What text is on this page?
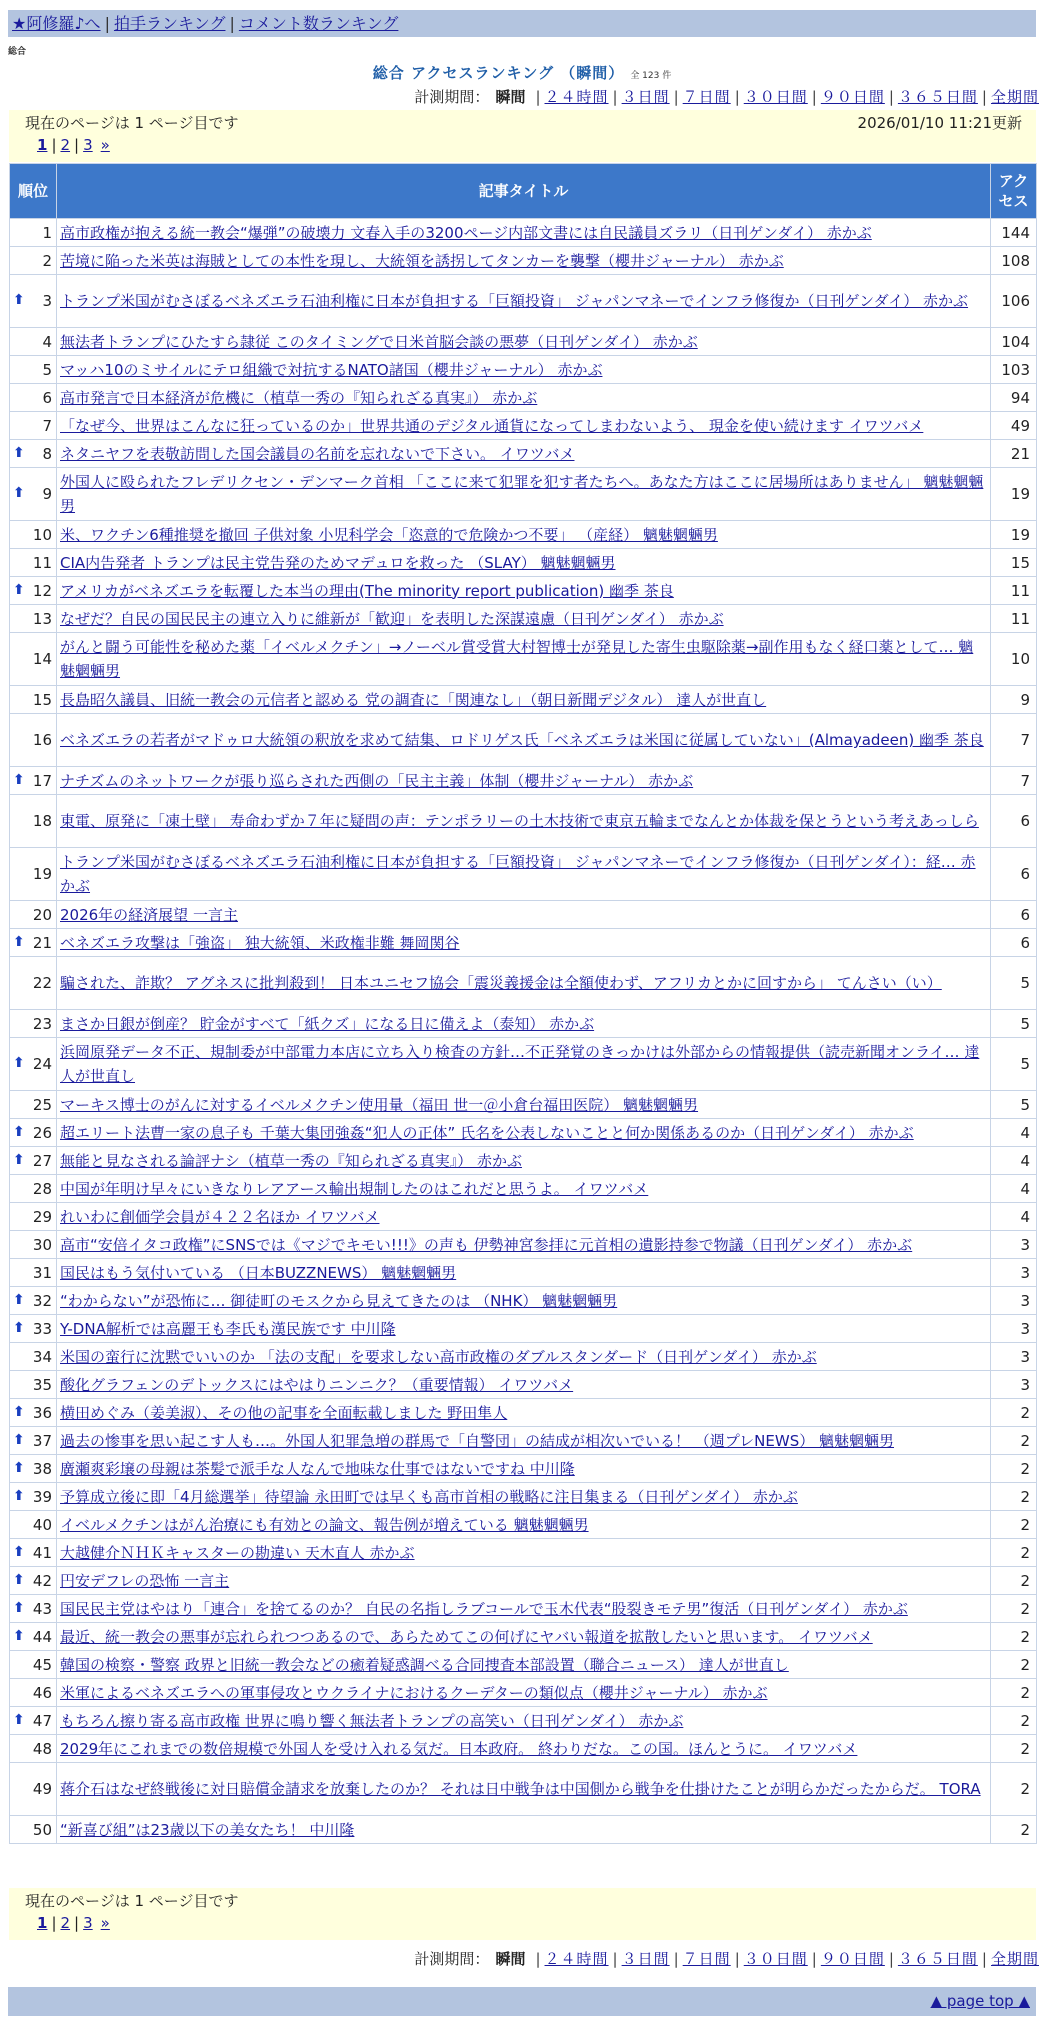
★阿修羅♪へ | 拍手ランキング | コメント数ランキング
総合
総合 アクセスランキング （瞬間） 全 123 件
計測期間： 瞬間 | ２４時間 | ３日間 | ７日間 | ３０日間 | ９０日間 | ３６５日間 | 全期間
現在のページは 1 ページ目です	2026/01/10 11:21更新
1 | 2 | 3 »
順位	記事タイトル	アクセス
1	高市政権が抱える統一教会“爆弾”の破壊力 文春入手の3200ページ内部文書には自民議員ズラリ（日刊ゲンダイ） 赤かぶ	144
2	苦境に陥った米英は海賊としての本性を現し、大統領を誘拐してタンカーを襲撃（櫻井ジャーナル） 赤かぶ	108

⬆ 3	トランプ米国がむさぼるベネズエラ石油利権に日本が負担する「巨額投資」 ジャパンマネーでインフラ修復か（日刊ゲンダイ） 赤かぶ	106
4	無法者トランプにひたすら隷従 このタイミングで日米首脳会談の悪夢（日刊ゲンダイ） 赤かぶ	104
5	マッハ10のミサイルにテロ組織で対抗するNATO諸国（櫻井ジャーナル） 赤かぶ	103
6	高市発言で日本経済が危機に（植草一秀の『知られざる真実』） 赤かぶ	94
7	「なぜ今、世界はこんなに狂っているのか」世界共通のデジタル通貨になってしまわないよう、 現金を使い続けます イワツバメ	49

⬆ 8	ネタニヤフを表敬訪問した国会議員の名前を忘れないで下さい。 イワツバメ	21

⬆ 9	外国人に殴られたフレデリクセン・デンマーク首相 「ここに来て犯罪を犯す者たちへ。あなた方はここに居場所はありません」 魑魅魍魎男	19
10	米、ワクチン6種推奨を撤回 子供対象 小児科学会「恣意的で危険かつ不要」 （産経） 魑魅魍魎男	19
11	CIA内告発者 トランプは民主党告発のためマデュロを救った （SLAY） 魑魅魍魎男	15

⬆ 12	アメリカがベネズエラを転覆した本当の理由(The minority report publication) 幽季 茶良	11
13	なぜだ？自民の国民民主の連立入りに維新が「歓迎」を表明した深謀遠慮（日刊ゲンダイ） 赤かぶ	11
14	がんと闘う可能性を秘めた薬「イベルメクチン」→ノーベル賞受賞大村智博士が発見した寄生虫駆除薬→副作用もなく経口薬として… 魑魅魍魎男	10
15	長島昭久議員、旧統一教会の元信者と認める 党の調査に「関連なし」（朝日新聞デジタル） 達人が世直し	9
16	ベネズエラの若者がマドゥロ大統領の釈放を求めて結集、ロドリゲス氏「ベネズエラは米国に従属していない」(Almayadeen) 幽季 茶良	7

⬆ 17	ナチズムのネットワークが張り巡らされた西側の「民主主義」体制（櫻井ジャーナル） 赤かぶ	7
18	東電、原発に「凍土壁」 寿命わずか７年に疑問の声：テンポラリーの土木技術で東京五輪までなんとか体裁を保とうという考えあっしら	6
19	トランプ米国がむさぼるベネズエラ石油利権に日本が負担する「巨額投資」 ジャパンマネーでインフラ修復か（日刊ゲンダイ）：経… 赤かぶ	6
20	2026年の経済展望 一言主	6

⬆ 21	ベネズエラ攻撃は「強盗」 独大統領、米政権非難 舞岡関谷	6
22	騙された、詐欺？ アグネスに批判殺到！ 日本ユニセフ協会「震災義援金は全額使わず、アフリカとかに回すから」 てんさい（い）	5
23	まさか日銀が倒産？ 貯金がすべて「紙クズ」になる日に備えよ（泰知） 赤かぶ	5

⬆ 24	浜岡原発データ不正、規制委が中部電力本店に立ち入り検査の方針…不正発覚のきっかけは外部からの情報提供（読売新聞オンライ… 達人が世直し	5
25	マーキス博士のがんに対するイベルメクチン使用量（福田 世一＠小倉台福田医院） 魑魅魍魎男	5

⬆ 26	超エリート法曹一家の息子も 千葉大集団強姦“犯人の正体” 氏名を公表しないことと何か関係あるのか（日刊ゲンダイ） 赤かぶ	4

⬆ 27	無能と見なされる論評ナシ（植草一秀の『知られざる真実』） 赤かぶ	4
28	中国が年明け早々にいきなりレアアース輸出規制したのはこれだと思うよ。 イワツバメ	4
29	れいわに創価学会員が４２２名ほか イワツバメ	4
30	高市“安倍イタコ政権”にSNSでは《マジでキモい!!!》の声も 伊勢神宮参拝に元首相の遺影持参で物議（日刊ゲンダイ） 赤かぶ	3
31	国民はもう気付いている （日本BUZZNEWS） 魑魅魍魎男	3

⬆ 32	“わからない”が恐怖に… 御徒町のモスクから見えてきたのは （NHK） 魑魅魍魎男	3

⬆ 33	Y-DNA解析では高麗王も李氏も漢民族です 中川隆	3
34	米国の蛮行に沈黙でいいのか 「法の支配」を要求しない高市政権のダブルスタンダード（日刊ゲンダイ） 赤かぶ	3
35	酸化グラフェンのデトックスにはやはりニンニク？（重要情報） イワツバメ	3

⬆ 36	横田めぐみ（姜美淑）、その他の記事を全面転載しました 野田隼人	2

⬆ 37	過去の惨事を思い起こす人も…。外国人犯罪急増の群馬で「自警団」の結成が相次いでいる！ （週プレNEWS） 魑魅魍魎男	2

⬆ 38	廣瀬爽彩壌の母親は茶髪で派手な人なんで地味な仕事ではないですね 中川隆	2

⬆ 39	予算成立後に即「4月総選挙」待望論 永田町では早くも高市首相の戦略に注目集まる（日刊ゲンダイ） 赤かぶ	2
40	イベルメクチンはがん治療にも有効との論文、報告例が増えている 魑魅魍魎男	2

⬆ 41	大越健介ＮＨＫキャスターの勘違い 天木直人 赤かぶ	2

⬆ 42	円安デフレの恐怖 一言主	2

⬆ 43	国民民主党はやはり「連合」を捨てるのか？ 自民の名指しラブコールで玉木代表“股裂きモテ男”復活（日刊ゲンダイ） 赤かぶ	2

⬆ 44	最近、統一教会の悪事が忘れられつつあるので、あらためてこの何げにヤバい報道を拡散したいと思います。 イワツバメ	2
45	韓国の検察・警察 政界と旧統一教会などの癒着疑惑調べる合同捜査本部設置（聯合ニュース） 達人が世直し	2
46	米軍によるベネズエラへの軍事侵攻とウクライナにおけるクーデターの類似点（櫻井ジャーナル） 赤かぶ	2

⬆ 47	もちろん擦り寄る高市政権 世界に鳴り響く無法者トランプの高笑い（日刊ゲンダイ） 赤かぶ	2
48	2029年にこれまでの数倍規模で外国人を受け入れる気だ。日本政府。 終わりだな。この国。ほんとうに。 イワツバメ	2
49	蒋介石はなぜ終戦後に対日賠償金請求を放棄したのか？ それは日中戦争は中国側から戦争を仕掛けたことが明らかだったからだ。 TORA	2
50	“新喜び組”は23歳以下の美女たち！ 中川隆	2
現在のページは 1 ページ目です
1 | 2 | 3 »
計測期間： 瞬間 | ２４時間 | ３日間 | ７日間 | ３０日間 | ９０日間 | ３６５日間 | 全期間
▲ page top ▲
